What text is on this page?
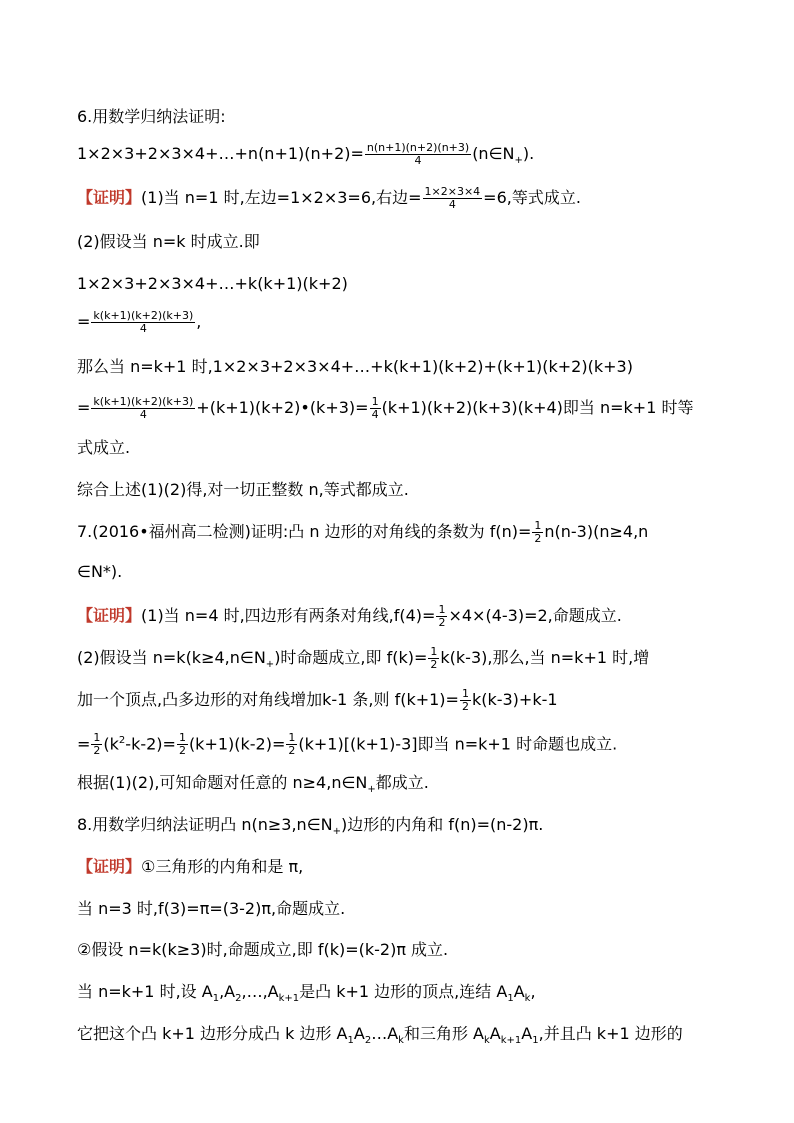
6.用数学归纳法证明:
1×2×3+2×3×4+…+n(n+1)(n+2)= $\frac{n(n+1)(n+2)(n+3)}{4}$ $(n\in N_+)$.
【证明】(1)当 n=1 时,左边=1×2×3=6,右边= $\frac{1\times 2\times 3\times 4}{4} =6$,等式成立.
(2)假设当 n=k 时成立.即
1×2×3+2×3×4+…+k(k+1)(k+2)
= $\frac{k(k+1)(k+2)(k+3)}{4}$ ,
那么当 n=k+1 时,1×2×3+2×3×4+…+k(k+1)(k+2)+(k+1)(k+2)(k+3)
= $\frac{k(k+1)(k+2)(k+3)}{4}$ +(k+1)(k+2)•(k+3)= $\frac{1}{4} (k+1)(k+2)(k+3)(k+4)$即当 n=k+1 时等
式成立.
综合上述(1)(2)得,对一切正整数 n,等式都成立.
7.(2016•福州高二检测)证明:凸 n 边形的对角线的条数为 $f(n)= \frac{1}{2} n(n-3)(n\ge 4,n$
∈N*).
【证明】(1)当 n=4 时,四边形有两条对角线$,f(4)= \frac{1}{2} \times 4\times(4-3)=2$,命题成立.
(2)假设当 $n=k(k\ge 4,n\in N_+)$时命题成立,即 $f(k)= \frac{1}{2} k(k-3)$,那么,当 n=k+1 时,增
加一个顶点,凸多边形的对角线增加k-1 条,则 $f(k+1)= \frac{1}{2} k(k-3)+k-1$
= $\frac{1}{2} (k^2-k-2)= \frac{1}{2} (k+1)(k-2)= \frac{1}{2} (k+1)[(k+1)-3]$即当 n=k+1 时命题也成立.
根据(1)(2),可知命题对任意的 $n\ge 4,n\in N_+$都成立.
8.用数学归纳法证明凸 $n(n\ge 3,n\in N_+)$边形的内角和 f(n)=(n-2)π.
【证明】①三角形的内角和是 π,
当 n=3 时,f(3)=π=(3-2)π,命题成立.
②假设 n=k(k≥3)时,命题成立,即 f(k)=(k-2)π 成立.
当 n=k+1 时,设 $A_1,A_2,\dots,A_{k+1}$是凸 k+1 边形的顶点,连结 $A_1A_k$,
它把这个凸 k+1 边形分成凸 k 边形 $A_1A_2\dots A_k$和三角形 $A_kA_{k+1}A_1$,并且凸 k+1 边形的
